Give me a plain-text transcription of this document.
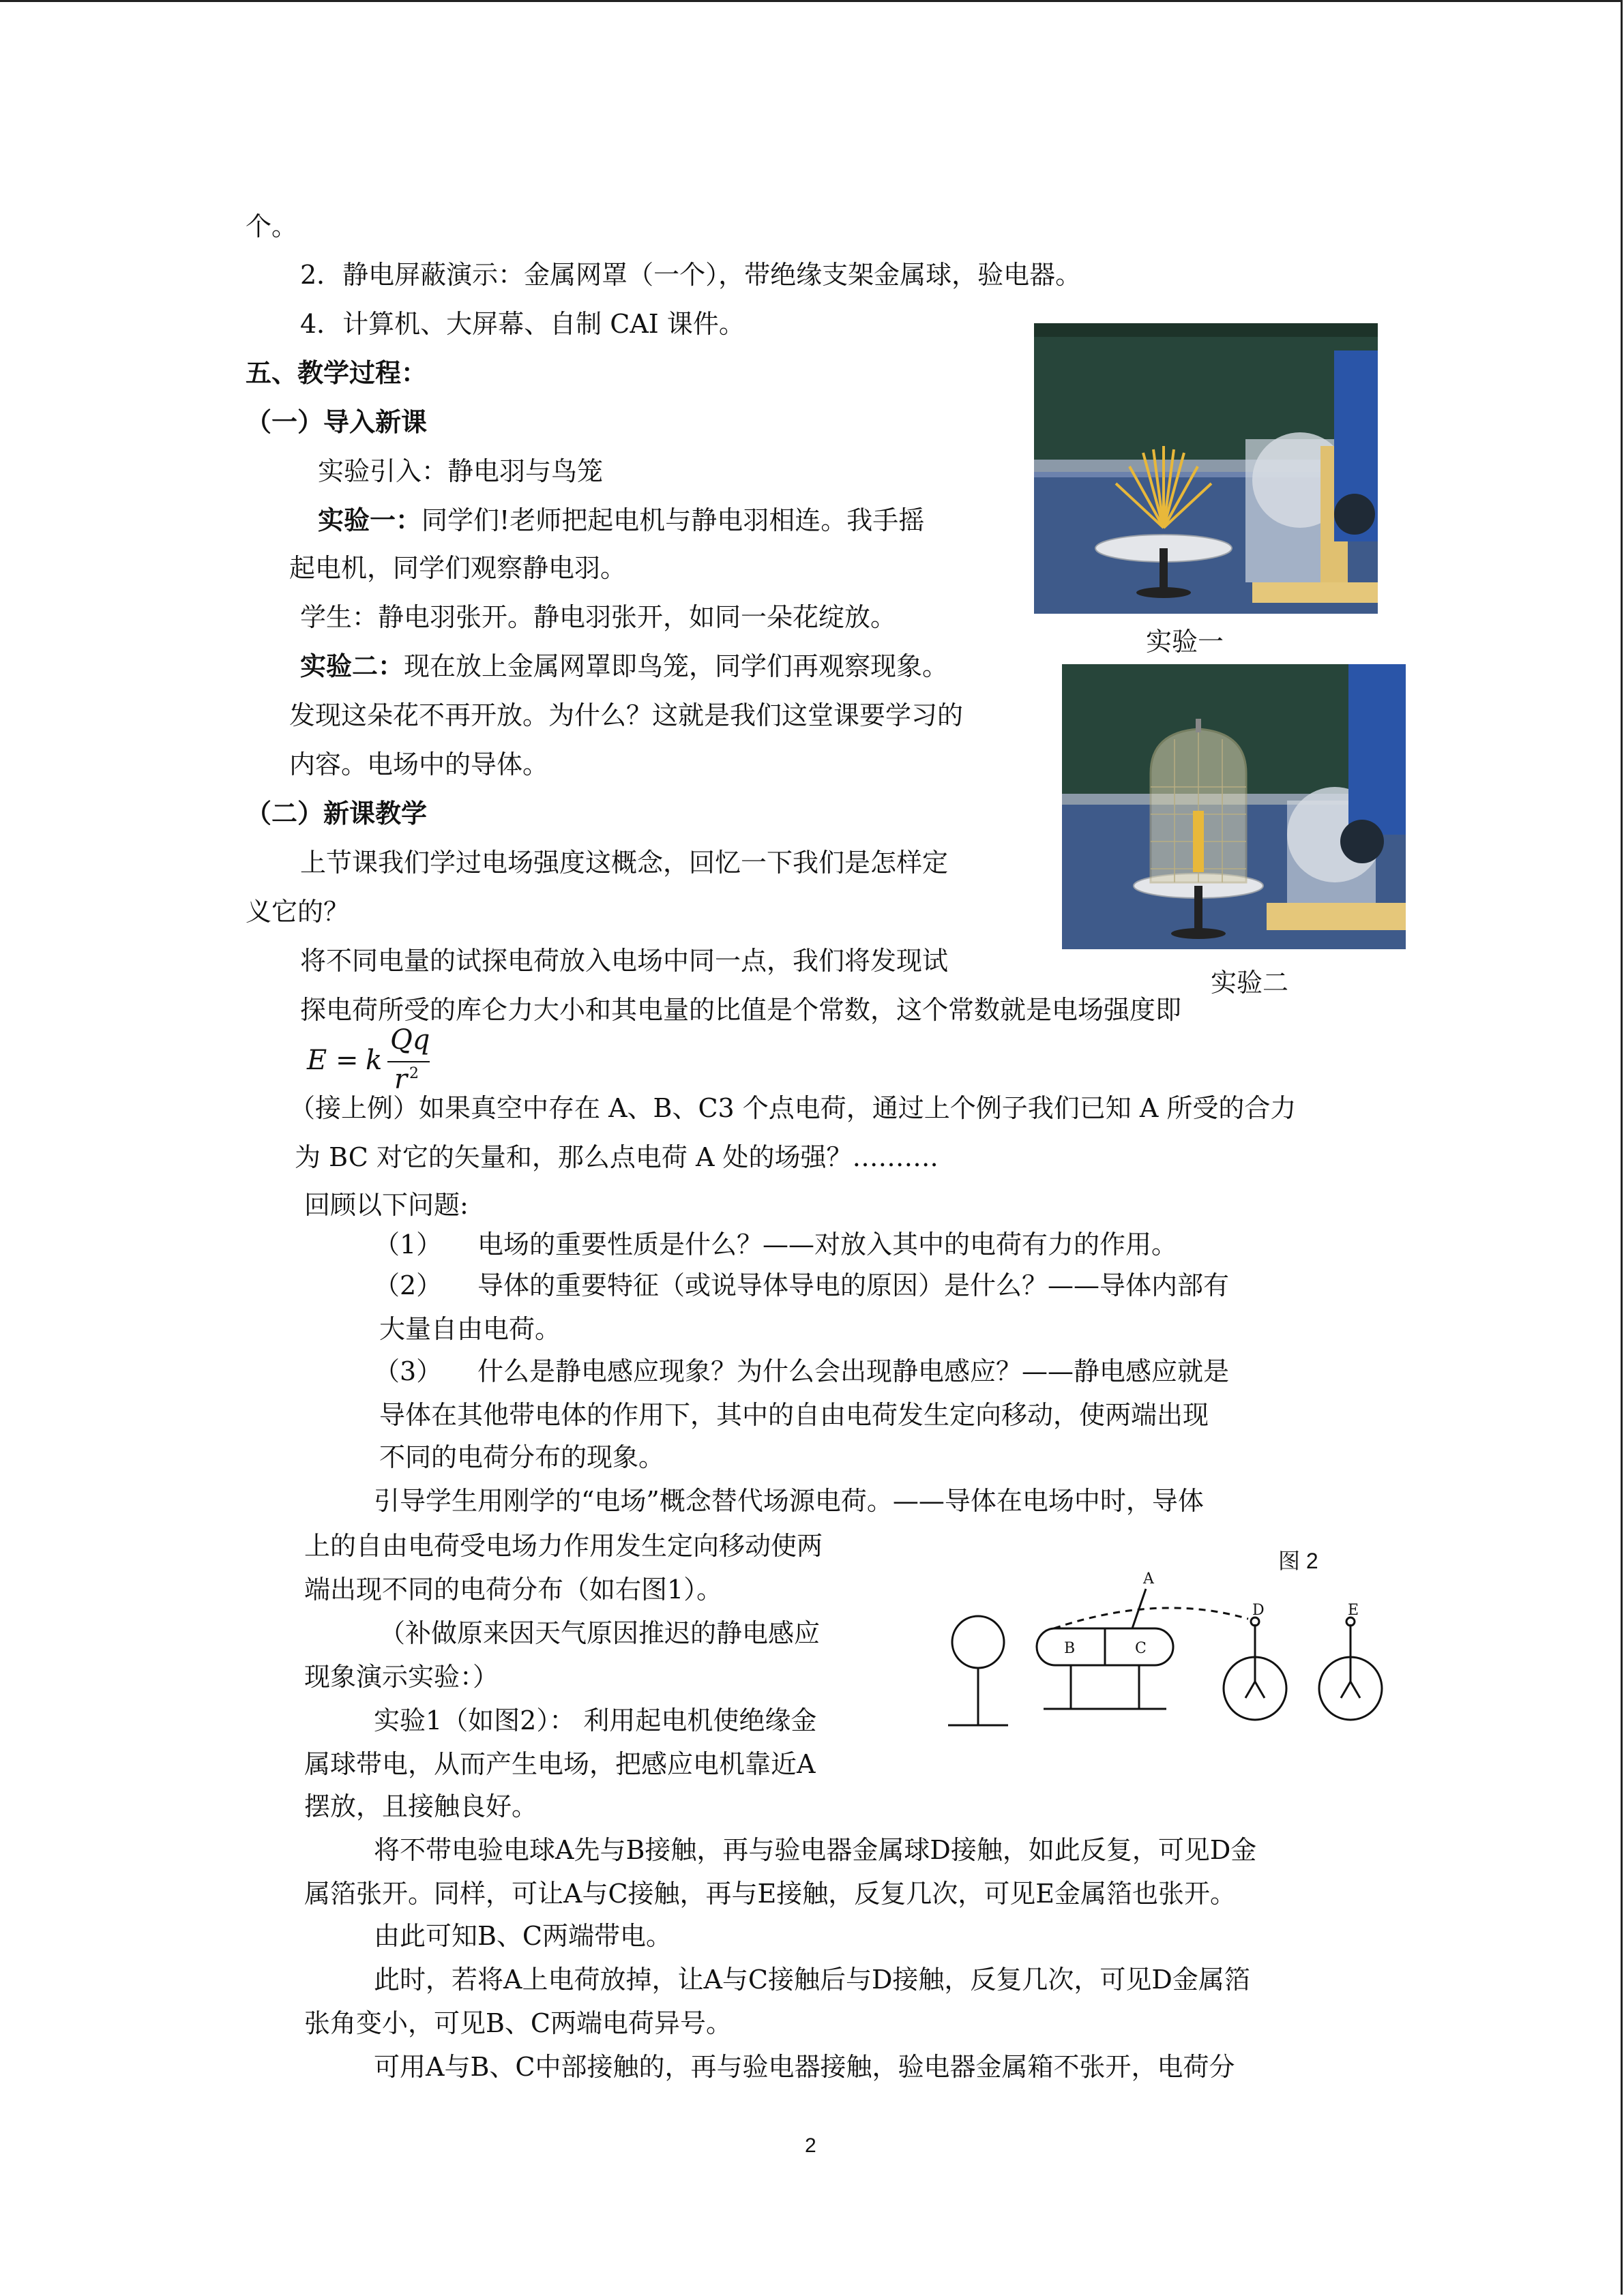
个。
2．静电屏蔽演示：金属网罩（一个），带绝缘支架金属球，验电器。
4．计算机、大屏幕、自制 CAI 课件。
五、教学过程：
（一）导入新课
实验引入：静电羽与鸟笼
实验一：同学们!老师把起电机与静电羽相连。我手摇
起电机，同学们观察静电羽。
学生：静电羽张开。静电羽张开，如同一朵花绽放。
实验二：现在放上金属网罩即鸟笼，同学们再观察现象。
发现这朵花不再开放。为什么？这就是我们这堂课要学习的
内容。电场中的导体。
（二）新课教学
上节课我们学过电场强度这概念，回忆一下我们是怎样定
义它的？
将不同电量的试探电荷放入电场中同一点，我们将发现试
探电荷所受的库仑力大小和其电量的比值是个常数，这个常数就是电场强度即
E = k
Qq
r 2
（接上例）如果真空中存在 A、B、C3 个点电荷，通过上个例子我们已知 A 所受的合力
为 BC 对它的矢量和，那么点电荷 A 处的场强？……….
回顾以下问题:
（1） 电场的重要性质是什么？——对放入其中的电荷有力的作用。
（2） 导体的重要特征（或说导体导电的原因）是什么？——导体内部有
大量自由电荷。
（3） 什么是静电感应现象？为什么会出现静电感应？——静电感应就是
导体在其他带电体的作用下，其中的自由电荷发生定向移动，使两端出现
不同的电荷分布的现象。
引导学生用刚学的“电场”概念替代场源电荷。——导体在电场中时，导体
上的自由电荷受电场力作用发生定向移动使两
端出现不同的电荷分布（如右图1）。
（补做原来因天气原因推迟的静电感应
现象演示实验：）
实验1（如图2）： 利用起电机使绝缘金
属球带电，从而产生电场，把感应电机靠近A
摆放，且接触良好。
将不带电验电球A先与B接触，再与验电器金属球D接触，如此反复，可见D金
属箔张开。同样，可让A与C接触，再与E接触，反复几次，可见E金属箔也张开。
由此可知B、C两端带电。
此时，若将A上电荷放掉，让A与C接触后与D接触，反复几次，可见D金属箔
张角变小，可见B、C两端电荷异号。
可用A与B、C中部接触的，再与验电器接触，验电器金属箱不张开，电荷分
实验一
实验二
图 2
A
B	C
D	E
2
